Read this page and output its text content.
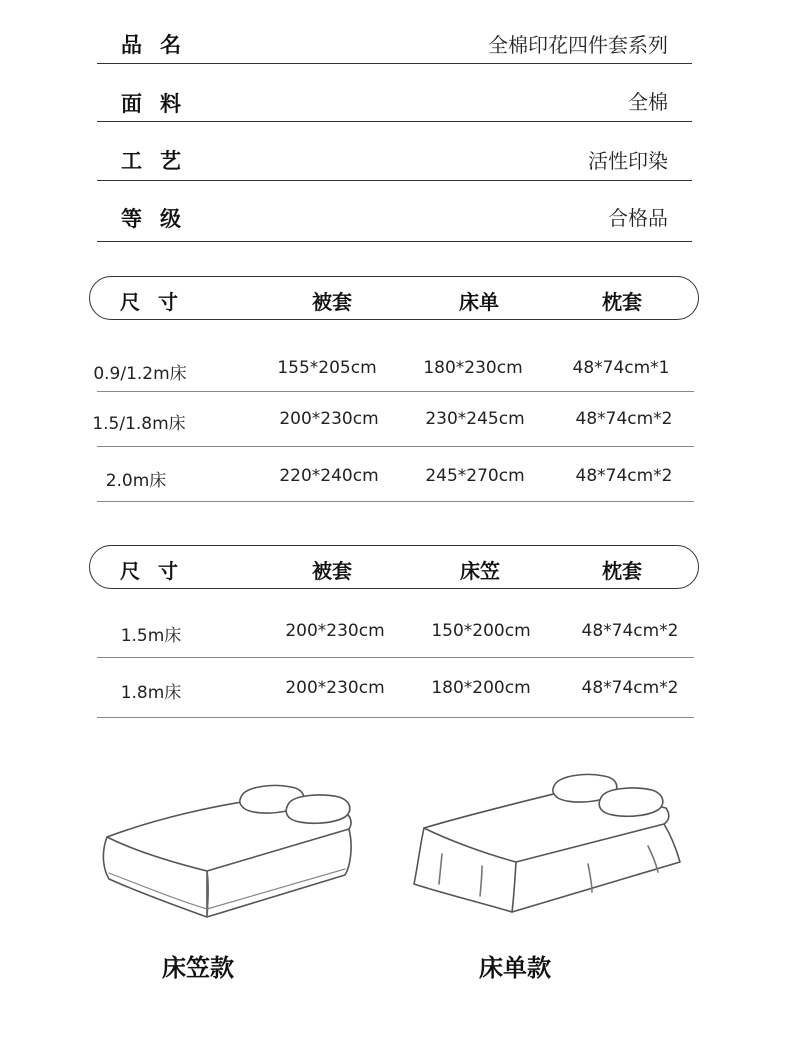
品名	全棉印花四件套系列
面料	全棉
工艺	活性印染
等级	合格品
尺寸	被套	床单	枕套
0.9/1.2m床	155*205cm	180*230cm	48*74cm*1
1.5/1.8m床	200*230cm	230*245cm	48*74cm*2
2.0m床	220*240cm	245*270cm	48*74cm*2
尺寸	被套	床笠	枕套
1.5m床	200*230cm	150*200cm	48*74cm*2
1.8m床	200*230cm	180*200cm	48*74cm*2
床笠款	床单款
